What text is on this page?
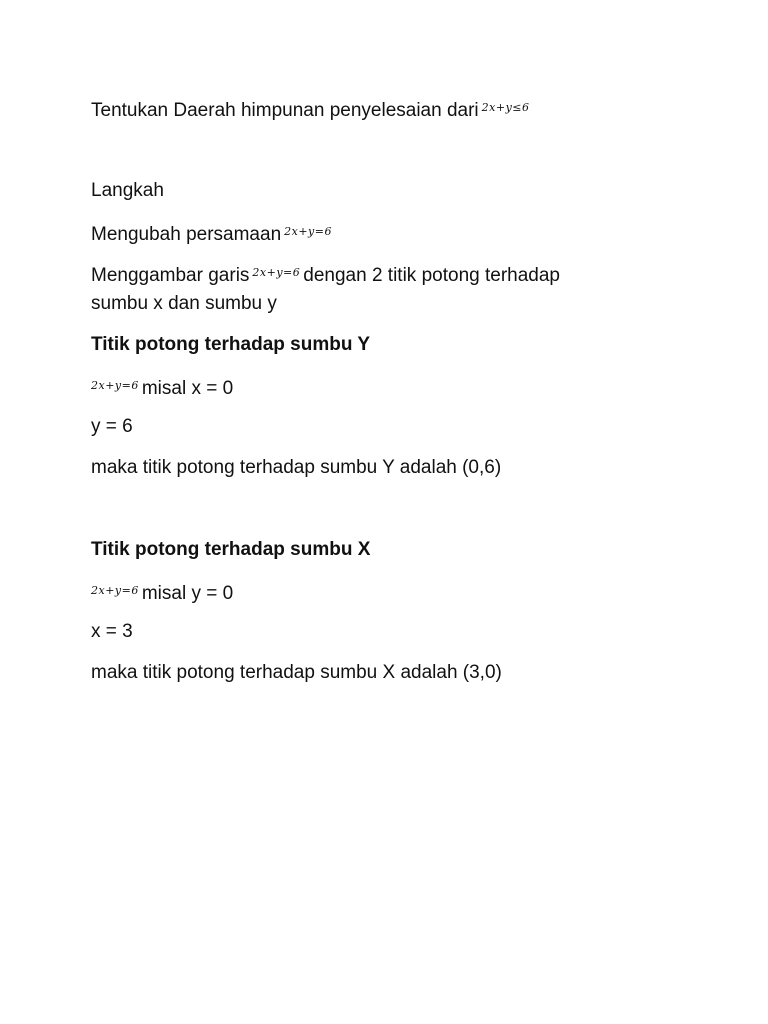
Tentukan Daerah himpunan penyelesaian dari $^{2x+y\le 6}$
Langkah
Mengubah persamaan $^{2x+y=6}$
Menggambar garis $^{2x+y=6}$ dengan 2 titik potong terhadap
sumbu x dan sumbu y
Titik potong terhadap sumbu Y
$^{2x+y=6}$ misal x = 0
y = 6
maka titik potong terhadap sumbu Y adalah (0,6)
Titik potong terhadap sumbu X
$^{2x+y=6}$ misal y = 0
x = 3
maka titik potong terhadap sumbu X adalah (3,0)
